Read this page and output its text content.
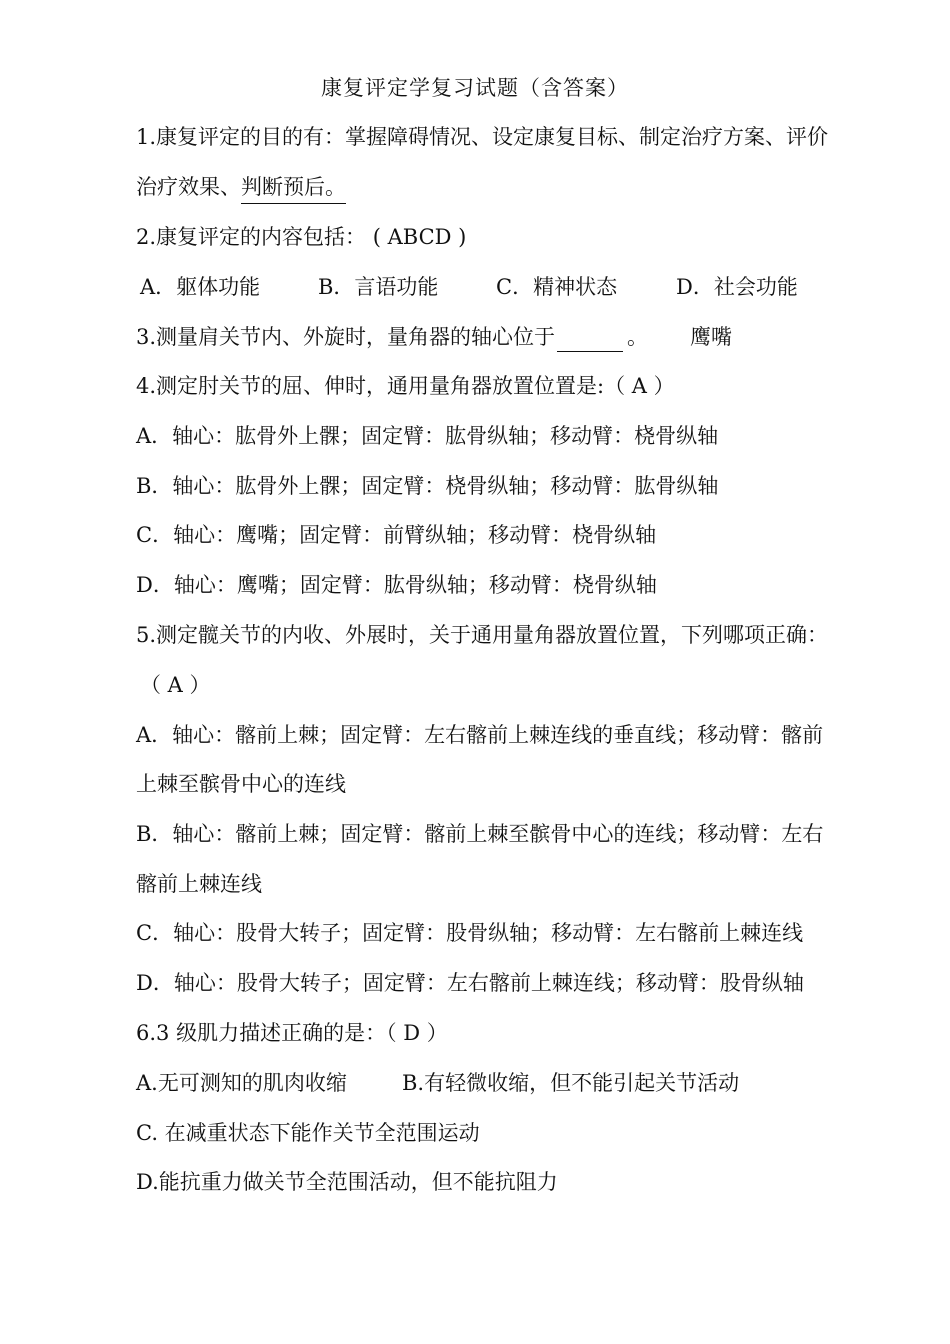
康复评定学复习试题（含答案）
1.康复评定的目的有：掌握障碍情况、设定康复目标、制定治疗方案、评价
治疗效果、判断预后。
2.康复评定的内容包括： ( ABCD )
A．躯体功能	B．言语功能	C．精神状态	D．社会功能
3.测量肩关节内、外旋时，量角器的轴心位于	。 鹰嘴
4.测定肘关节的屈、伸时，通用量角器放置位置是:（ A ）
A．轴心：肱骨外上髁；固定臂：肱骨纵轴；移动臂：桡骨纵轴
B．轴心：肱骨外上髁；固定臂：桡骨纵轴；移动臂：肱骨纵轴
C．轴心：鹰嘴；固定臂：前臂纵轴；移动臂：桡骨纵轴
D．轴心：鹰嘴；固定臂：肱骨纵轴；移动臂：桡骨纵轴
5.测定髋关节的内收、外展时，关于通用量角器放置位置，下列哪项正确：
（ A ）
A．轴心：髂前上棘；固定臂：左右髂前上棘连线的垂直线；移动臂：髂前
上棘至髌骨中心的连线
B．轴心：髂前上棘；固定臂：髂前上棘至髌骨中心的连线；移动臂：左右
髂前上棘连线
C．轴心：股骨大转子；固定臂：股骨纵轴；移动臂：左右髂前上棘连线
D．轴心：股骨大转子；固定臂：左右髂前上棘连线；移动臂：股骨纵轴
6.3 级肌力描述正确的是：（ D ）
A.无可测知的肌肉收缩	B.有轻微收缩，但不能引起关节活动
C. 在减重状态下能作关节全范围运动
D.能抗重力做关节全范围活动，但不能抗阻力
